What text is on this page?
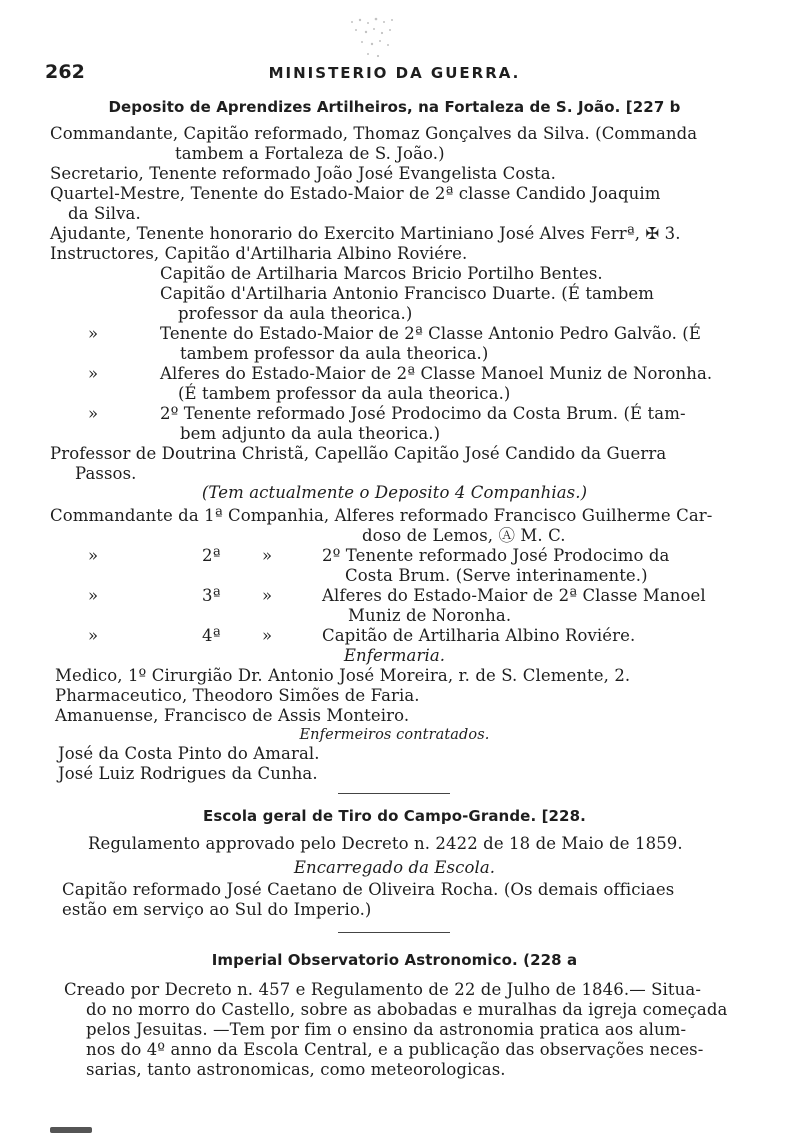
262	MINISTERIO DA GUERRA.
Deposito de Aprendizes Artilheiros, na Fortaleza de S. João. [227 b
Commandante, Capitão reformado, Thomaz Gonçalves da Silva. (Commanda
tambem a Fortaleza de S. João.)
Secretario, Tenente reformado João José Evangelista Costa.
Quartel-Mestre, Tenente do Estado-Maior de 2ª classe Candido Joaquim
da Silva.
Ajudante, Tenente honorario do Exercito Martiniano José Alves Ferrª, ✠ 3.
Instructores, Capitão d'Artilharia Albino Roviére.
Capitão de Artilharia Marcos Bricio Portilho Bentes.
Capitão d'Artilharia Antonio Francisco Duarte. (É tambem
professor da aula theorica.)
»	Tenente do Estado-Maior de 2ª Classe Antonio Pedro Galvão. (É
tambem professor da aula theorica.)
»	Alferes do Estado-Maior de 2ª Classe Manoel Muniz de Noronha.
(É tambem professor da aula theorica.)
»	2º Tenente reformado José Prodocimo da Costa Brum. (É tam-
bem adjunto da aula theorica.)
Professor de Doutrina Christã, Capellão Capitão José Candido da Guerra
Passos.
(Tem actualmente o Deposito 4 Companhias.)
Commandante da 1ª Companhia, Alferes reformado Francisco Guilherme Car-
doso de Lemos, Ⓐ M. C.
»	2ª	»	2º Tenente reformado José Prodocimo da
Costa Brum. (Serve interinamente.)
»	3ª	»	Alferes do Estado-Maior de 2ª Classe Manoel
Muniz de Noronha.
»	4ª	»	Capitão de Artilharia Albino Roviére.
Enfermaria.
Medico, 1º Cirurgião Dr. Antonio José Moreira, r. de S. Clemente, 2.
Pharmaceutico, Theodoro Simões de Faria.
Amanuense, Francisco de Assis Monteiro.
Enfermeiros contratados.
José da Costa Pinto do Amaral.
José Luiz Rodrigues da Cunha.
Escola geral de Tiro do Campo-Grande. [228.
Regulamento approvado pelo Decreto n. 2422 de 18 de Maio de 1859.
Encarregado da Escola.
Capitão reformado José Caetano de Oliveira Rocha. (Os demais officiaes
estão em serviço ao Sul do Imperio.)
Imperial Observatorio Astronomico. (228 a
Creado por Decreto n. 457 e Regulamento de 22 de Julho de 1846.— Situa-
do no morro do Castello, sobre as abobadas e muralhas da igreja começada
pelos Jesuitas. —Tem por fim o ensino da astronomia pratica aos alum-
nos do 4º anno da Escola Central, e a publicação das observações neces-
sarias, tanto astronomicas, como meteorologicas.
